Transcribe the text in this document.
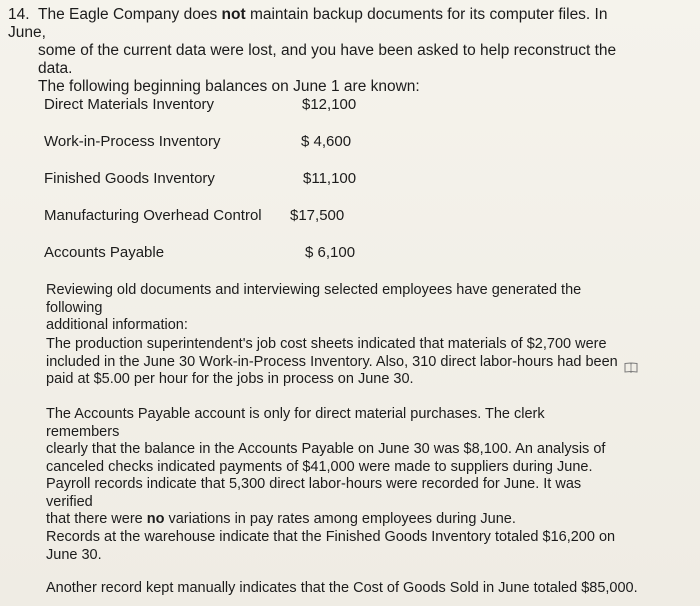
14. The Eagle Company does not maintain backup documents for its computer files. In June,
some of the current data were lost, and you have been asked to help reconstruct the data.
The following beginning balances on June 1 are known:
Direct Materials Inventory	$12,100
Work-in-Process Inventory	$ 4,600
Finished Goods Inventory	$11,100
Manufacturing Overhead Control $17,500
Accounts Payable	$ 6,100
Reviewing old documents and interviewing selected employees have generated the following
additional information:
The production superintendent's job cost sheets indicated that materials of $2,700 were
included in the June 30 Work-in-Process Inventory. Also, 310 direct labor-hours had been
paid at $5.00 per hour for the jobs in process on June 30.
The Accounts Payable account is only for direct material purchases. The clerk remembers
clearly that the balance in the Accounts Payable on June 30 was $8,100. An analysis of
canceled checks indicated payments of $41,000 were made to suppliers during June.
Payroll records indicate that 5,300 direct labor-hours were recorded for June. It was verified
that there were no variations in pay rates among employees during June.
Records at the warehouse indicate that the Finished Goods Inventory totaled $16,200 on
June 30.
Another record kept manually indicates that the Cost of Goods Sold in June totaled $85,000.
